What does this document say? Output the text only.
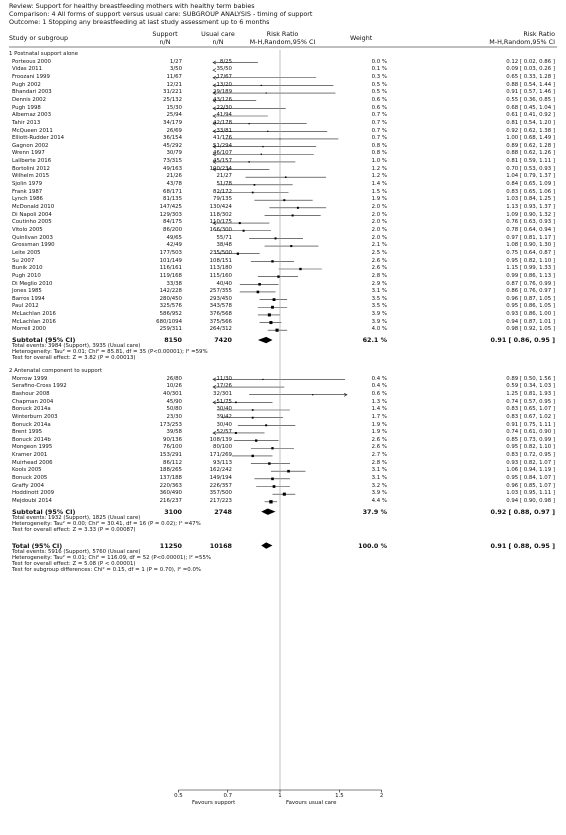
Review: Support for healthy breastfeeding mothers with healthy term babies
Comparison: 4 All forms of support versus usual care: SUBGROUP ANALYSIS - timing of support
Outcome: 1 Stopping any breastfeeding at last study assessment up to 6 months
Study or subgroup	Support
n/N
Usual care
n/N
Risk Ratio
M-H,Random,95% CI	Weight	Risk Ratio
M-H,Random,95% CI
1 Postnatal support alone
Porteous 2000	1/27	8/25	0.0 %	0.12 [ 0.02, 0.86 ]
Vidas 2011	3/50	35/50	0.1 %	0.09 [ 0.03, 0.26 ]
Froozani 1999	11/67	17/67	0.3 %	0.65 [ 0.33, 1.28 ]
Pugh 2002	12/21	13/20	0.5 %	0.88 [ 0.54, 1.44 ]
Bhandari 2003	31/221	29/189	0.5 %	0.91 [ 0.57, 1.46 ]
Dennis 2002	25/132	43/126	0.6 %	0.55 [ 0.36, 0.85 ]
Pugh 1998	15/30	22/30	0.6 %	0.68 [ 0.45, 1.04 ]
Albernaz 2003	25/94	41/94	0.7 %	0.61 [ 0.41, 0.92 ]
Tahir 2013	34/179	42/178	0.7 %	0.81 [ 0.54, 1.20 ]
McQueen 2011	26/69	33/81	0.7 %	0.92 [ 0.62, 1.38 ]
Elliott-Rudder 2014	36/154	41/176	0.7 %	1.00 [ 0.68, 1.49 ]
Gagnon 2002	45/292	51/294	0.8 %	0.89 [ 0.62, 1.28 ]
Wrenn 1997	30/79	46/107	0.8 %	0.88 [ 0.62, 1.26 ]
Laliberte 2016	73/315	45/157	1.0 %	0.81 [ 0.59, 1.11 ]
Bortolini 2012	49/163	100/234	1.2 %	0.70 [ 0.53, 0.93 ]
Wilhelm 2015	21/26	21/27	1.2 %	1.04 [ 0.79, 1.37 ]
Sjolin 1979	43/78	51/78	1.4 %	0.84 [ 0.65, 1.09 ]
Frank 1987	68/171	82/172	1.5 %	0.83 [ 0.65, 1.06 ]
Lynch 1986	81/135	79/135	1.9 %	1.03 [ 0.84, 1.25 ]
McDonald 2010	147/425	130/424	2.0 %	1.13 [ 0.93, 1.37 ]
Di Napoli 2004	129/303	118/302	2.0 %	1.09 [ 0.90, 1.32 ]
Coutinho 2005	84/175	110/175	2.0 %	0.76 [ 0.63, 0.93 ]
Vitolo 2005	86/200	166/300	2.0 %	0.78 [ 0.64, 0.94 ]
Quinlivan 2003	49/65	55/71	2.0 %	0.97 [ 0.81, 1.17 ]
Grossman 1990	42/49	38/48	2.1 %	1.08 [ 0.90, 1.30 ]
Leite 2005	177/503	235/500	2.5 %	0.75 [ 0.64, 0.87 ]
Su 2007	101/149	108/151	2.6 %	0.95 [ 0.82, 1.10 ]
Bunik 2010	116/161	113/180	2.6 %	1.15 [ 0.99, 1.33 ]
Pugh 2010	119/168	115/160	2.8 %	0.99 [ 0.86, 1.13 ]
Di Meglio 2010	33/38	40/40	2.9 %	0.87 [ 0.76, 0.99 ]
Jones 1985	142/228	257/355	3.1 %	0.86 [ 0.76, 0.97 ]
Barros 1994	280/450	293/450	3.5 %	0.96 [ 0.87, 1.05 ]
Paul 2012	325/576	343/578	3.5 %	0.95 [ 0.86, 1.05 ]
McLachlan 2016	586/952	376/568	3.9 %	0.93 [ 0.86, 1.00 ]
McLachlan 2016	680/1094	375/566	3.9 %	0.94 [ 0.87, 1.01 ]
Morrell 2000	259/311	264/312	4.0 %	0.98 [ 0.92, 1.05 ]
Subtotal (95% CI)	8150	7420	62.1 %	0.91 [ 0.86, 0.95 ]
Total events: 3984 (Support), 3935 (Usual care)
Heterogeneity: Tau² = 0.01; Chi² = 85.81, df = 35 (P<0.00001); I² =59%
Test for overall effect: Z = 3.82 (P = 0.00013)
2 Antenatal component to support
Morrow 1999	26/80	11/30	0.4 %	0.89 [ 0.50, 1.56 ]
Serafino-Cross 1992	10/26	17/26	0.4 %	0.59 [ 0.34, 1.03 ]
Bashour 2008	40/301	32/301	0.6 %	1.25 [ 0.81, 1.93 ]
Chapman 2004	45/90	51/75	1.3 %	0.74 [ 0.57, 0.95 ]
Bonuck 2014a	50/80	30/40	1.4 %	0.83 [ 0.65, 1.07 ]
Winterburn 2003	23/30	39/42	1.7 %	0.83 [ 0.67, 1.02 ]
Bonuck 2014a	173/253	30/40	1.9 %	0.91 [ 0.75, 1.11 ]
Brent 1995	39/58	52/57	1.9 %	0.74 [ 0.61, 0.90 ]
Bonuck 2014b	90/136	108/139	2.6 %	0.85 [ 0.73, 0.99 ]
Mongeon 1995	76/100	80/100	2.6 %	0.95 [ 0.82, 1.10 ]
Kramer 2001	153/291	171/269	2.7 %	0.83 [ 0.72, 0.95 ]
Muirhead 2006	86/112	93/113	2.8 %	0.93 [ 0.82, 1.07 ]
Kools 2005	188/265	162/242	3.1 %	1.06 [ 0.94, 1.19 ]
Bonuck 2005	137/188	149/194	3.1 %	0.95 [ 0.84, 1.07 ]
Graffy 2004	220/363	226/357	3.2 %	0.96 [ 0.85, 1.07 ]
Hoddinott 2009	360/490	357/500	3.9 %	1.03 [ 0.95, 1.11 ]
Mejdoubi 2014	216/237	217/223	4.4 %	0.94 [ 0.90, 0.98 ]
Subtotal (95% CI)	3100	2748	37.9 %	0.92 [ 0.88, 0.97 ]
Total events: 1932 (Support), 1825 (Usual care)
Heterogeneity: Tau² = 0.00; Chi² = 30.41, df = 16 (P = 0.02); I² =47%
Test for overall effect: Z = 3.33 (P = 0.00087)
Total (95% CI)	11250	10168	100.0 %	0.91 [ 0.88, 0.95 ]
Total events: 5916 (Support), 5760 (Usual care)
Heterogeneity: Tau² = 0.01; Chi² = 116.09, df = 52 (P<0.00001); I² =55%
Test for overall effect: Z = 5.08 (P < 0.00001)
Test for subgroup differences: Chi² = 0.15, df = 1 (P = 0.70), I² =0.0%
0.5	0.7	1	1.5	2
Favours support	Favours usual care
